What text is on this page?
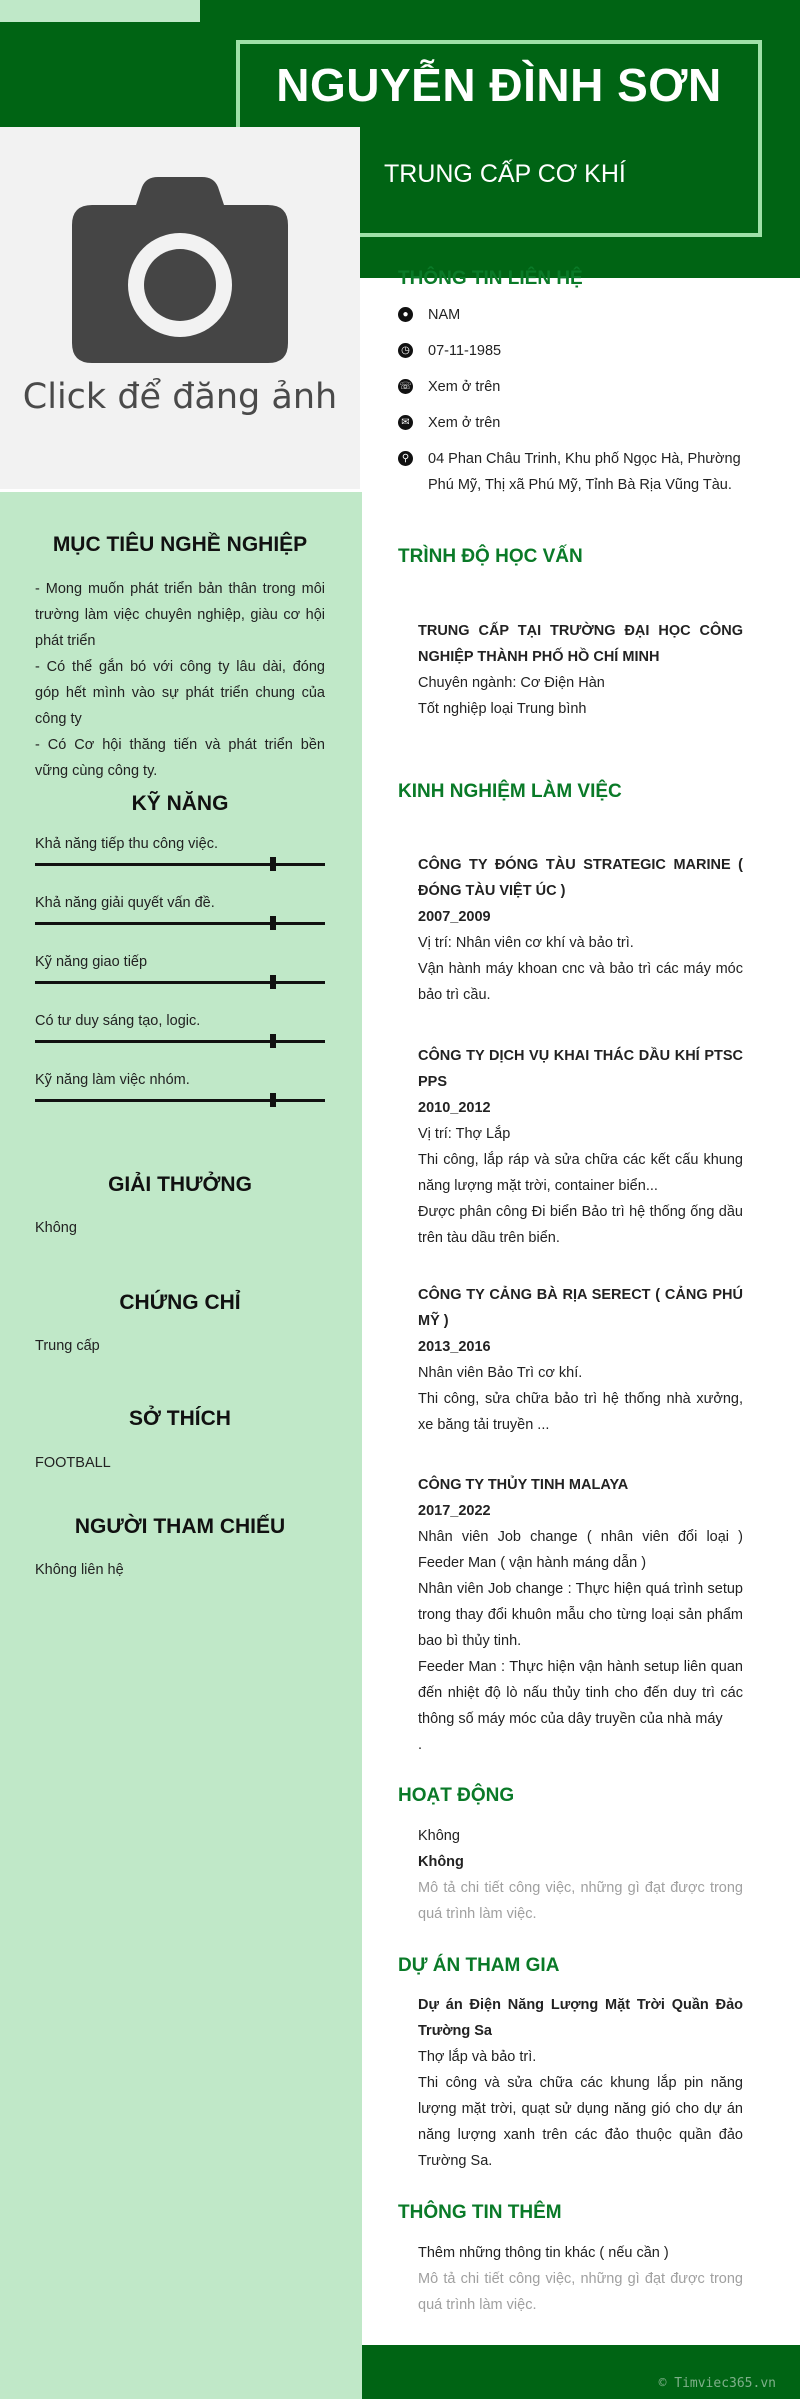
NGUYỄN ĐÌNH SƠN
TRUNG CẤP CƠ KHÍ
Click để đăng ảnh
MỤC TIÊU NGHỀ NGHIỆP
- Mong muốn phát triển bản thân trong môi trường làm việc chuyên nghiệp, giàu cơ hội phát triển
- Có thể gắn bó với công ty lâu dài, đóng góp hết mình vào sự phát triển chung của công ty
- Có Cơ hội thăng tiến và phát triển bền vững cùng công ty.
KỸ NĂNG
Khả năng tiếp thu công việc.
Khả năng giải quyết vấn đề.
Kỹ năng giao tiếp
Có tư duy sáng tạo, logic.
Kỹ năng làm việc nhóm.
GIẢI THƯỞNG
Không
CHỨNG CHỈ
Trung cấp
SỞ THÍCH
FOOTBALL
NGƯỜI THAM CHIẾU
Không liên hệ
THÔNG TIN LIÊN HỆ
●	NAM
◷ 07-11-1985
☏ Xem ở trên
✉ Xem ở trên
⚲ 04 Phan Châu Trinh, Khu phố Ngọc Hà, Phường Phú Mỹ, Thị xã Phú Mỹ, Tỉnh Bà Rịa Vũng Tàu.
TRÌNH ĐỘ HỌC VẤN
TRUNG CẤP TẠI TRƯỜNG ĐẠI HỌC CÔNG NGHIỆP THÀNH PHỐ HỒ CHÍ MINH
Chuyên ngành: Cơ Điện Hàn
Tốt nghiệp loại Trung bình
KINH NGHIỆM LÀM VIỆC
CÔNG TY ĐÓNG TÀU STRATEGIC MARINE ( ĐÓNG TÀU VIỆT ÚC )
2007_2009
Vị trí: Nhân viên cơ khí và bảo trì.
Vận hành máy khoan cnc và bảo trì các máy móc bảo trì cầu.
CÔNG TY DỊCH VỤ KHAI THÁC DẦU KHÍ PTSC PPS
2010_2012
Vị trí: Thợ Lắp
Thi công, lắp ráp và sửa chữa các kết cấu khung năng lượng mặt trời, container biển...
Được phân công Đi biển Bảo trì hệ thống ống dầu trên tàu dầu trên biển.
CÔNG TY CẢNG BÀ RỊA SERECT ( CẢNG PHÚ MỸ )
2013_2016
Nhân viên Bảo Trì cơ khí.
Thi công, sửa chữa bảo trì hệ thống nhà xưởng, xe băng tải truyền ...
CÔNG TY THỦY TINH MALAYA
2017_2022
Nhân viên Job change ( nhân viên đổi loại ) Feeder Man ( vận hành máng dẫn )
Nhân viên Job change : Thực hiện quá trình setup trong thay đổi khuôn mẫu cho từng loại sản phẩm bao bì thủy tinh.
Feeder Man : Thực hiện vận hành setup liên quan đến nhiệt độ lò nấu thủy tinh cho đến duy trì các thông số máy móc của dây truyền của nhà máy
.
HOẠT ĐỘNG
Không
Không
Mô tả chi tiết công việc, những gì đạt được trong quá trình làm việc.
DỰ ÁN THAM GIA
Dự án Điện Năng Lượng Mặt Trời Quần Đảo Trường Sa
Thợ lắp và bảo trì.
Thi công và sửa chữa các khung lắp pin năng lượng mặt trời, quạt sử dụng năng gió cho dự án năng lượng xanh trên các đảo thuộc quần đảo Trường Sa.
THÔNG TIN THÊM
Thêm những thông tin khác ( nếu cần )
Mô tả chi tiết công việc, những gì đạt được trong quá trình làm việc.
© Timviec365.vn
